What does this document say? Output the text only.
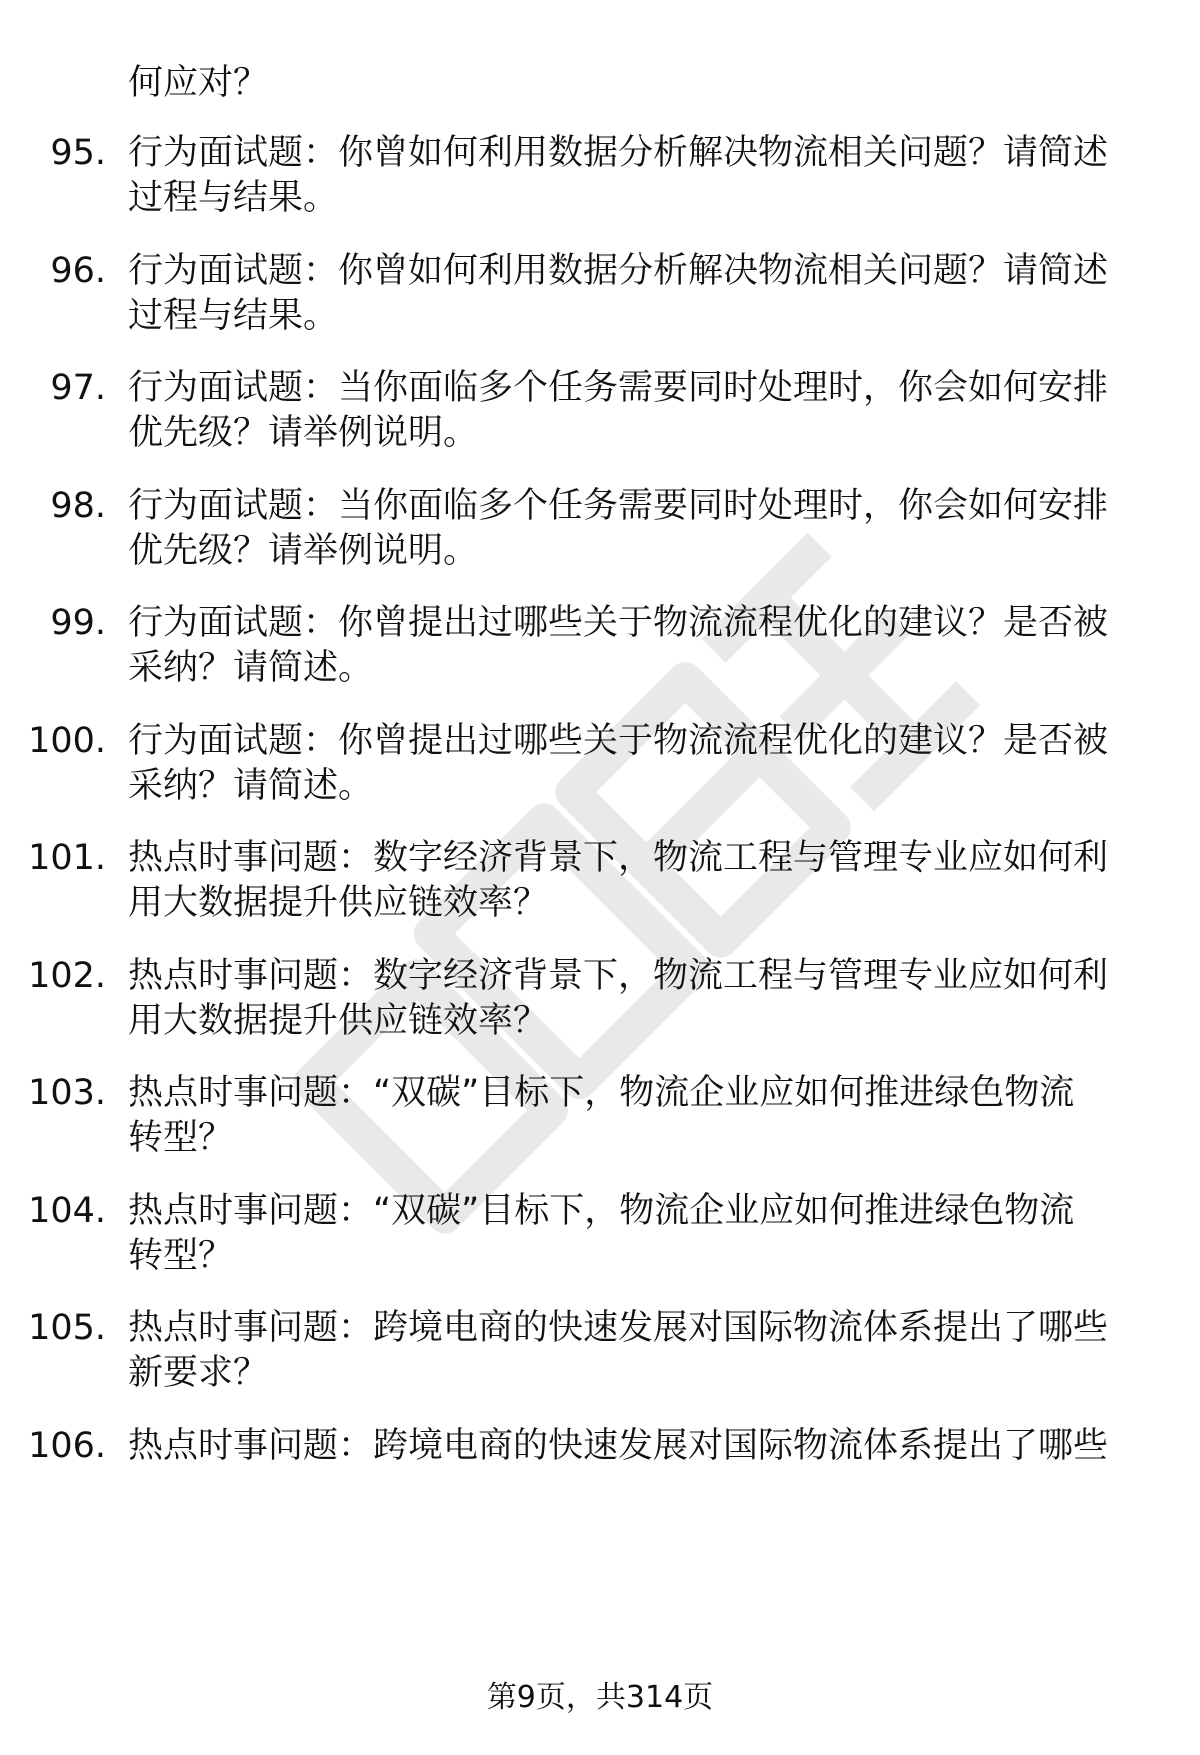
何应对？
95. 行为面试题：你曾如何利用数据分析解决物流相关问题？请简述
过程与结果。
96. 行为面试题：你曾如何利用数据分析解决物流相关问题？请简述
过程与结果。
97. 行为面试题：当你面临多个任务需要同时处理时，你会如何安排
优先级？请举例说明。
98. 行为面试题：当你面临多个任务需要同时处理时，你会如何安排
优先级？请举例说明。
99. 行为面试题：你曾提出过哪些关于物流流程优化的建议？是否被
采纳？请简述。
100. 行为面试题：你曾提出过哪些关于物流流程优化的建议？是否被
采纳？请简述。
101. 热点时事问题：数字经济背景下，物流工程与管理专业应如何利
用大数据提升供应链效率？
102. 热点时事问题：数字经济背景下，物流工程与管理专业应如何利
用大数据提升供应链效率？
103. 热点时事问题：“双碳”目标下，物流企业应如何推进绿色物流
转型？
104. 热点时事问题：“双碳”目标下，物流企业应如何推进绿色物流
转型？
105. 热点时事问题：跨境电商的快速发展对国际物流体系提出了哪些
新要求？
106. 热点时事问题：跨境电商的快速发展对国际物流体系提出了哪些
第9页，共314页
